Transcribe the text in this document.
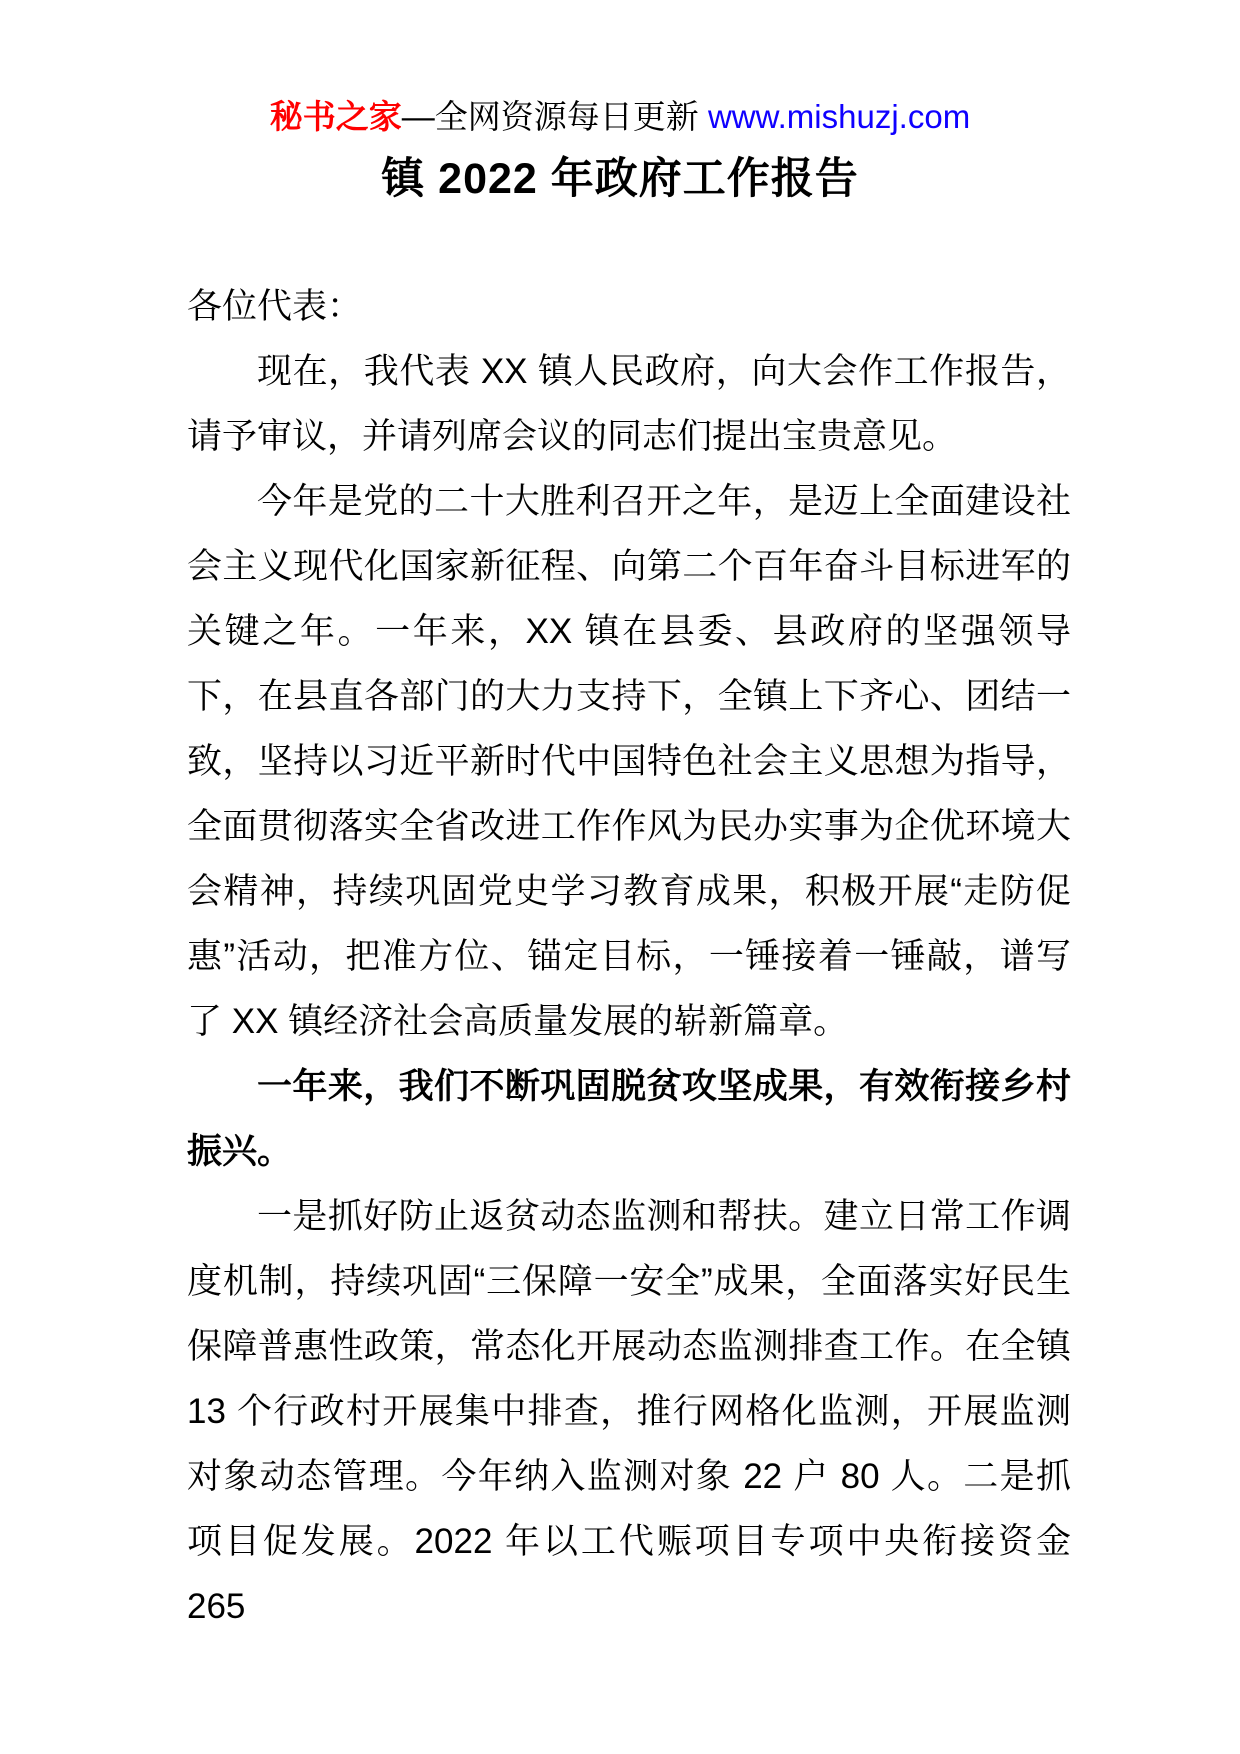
秘书之家—全网资源每日更新 www.mishuzj.com
镇 2022 年政府工作报告

各位代表：

现在，我代表 XX 镇人民政府，向大会作工作报告，请予审议，并请列席会议的同志们提出宝贵意见。

今年是党的二十大胜利召开之年，是迈上全面建设社会主义现代化国家新征程、向第二个百年奋斗目标进军的关键之年。一年来，XX 镇在县委、县政府的坚强领导下，在县直各部门的大力支持下，全镇上下齐心、团结一致，坚持以习近平新时代中国特色社会主义思想为指导，全面贯彻落实全省改进工作作风为民办实事为企优环境大会精神，持续巩固党史学习教育成果，积极开展“走防促惠”活动，把准方位、锚定目标，一锤接着一锤敲，谱写了 XX 镇经济社会高质量发展的崭新篇章。

一年来，我们不断巩固脱贫攻坚成果，有效衔接乡村振兴。

一是抓好防止返贫动态监测和帮扶。建立日常工作调度机制，持续巩固“三保障一安全”成果，全面落实好民生保障普惠性政策，常态化开展动态监测排查工作。在全镇 13 个行政村开展集中排查，推行网格化监测，开展监测对象动态管理。今年纳入监测对象 22 户 80 人。二是抓项目促发展。2022 年以工代赈项目专项中央衔接资金 265
